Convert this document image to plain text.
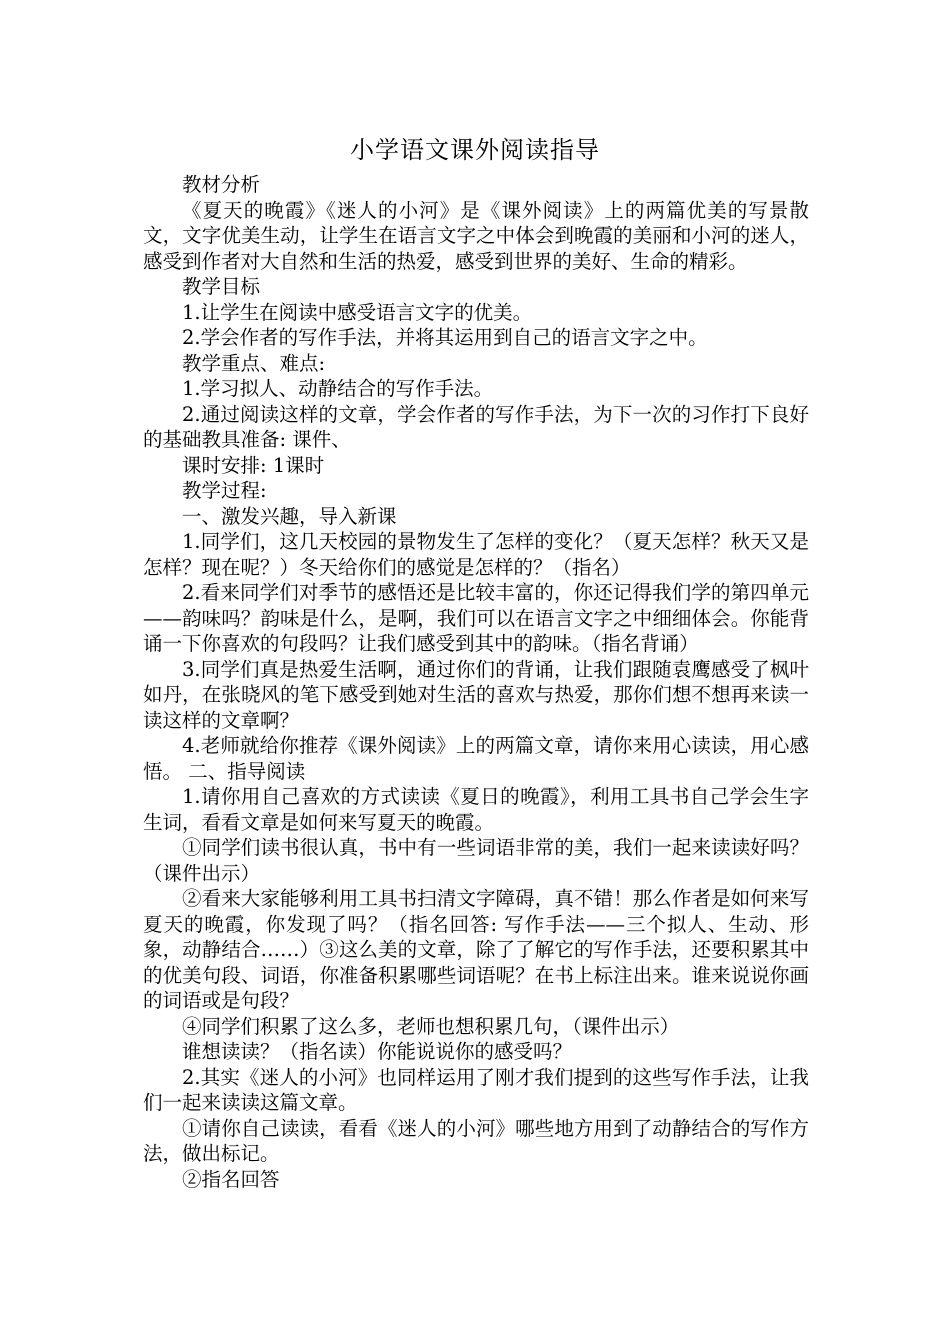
小学语文课外阅读指导

教材分析

《夏天的晚霞》《迷人的小河》是《课外阅读》上的两篇优美的写景散文，文字优美生动，让学生在语言文字之中体会到晚霞的美丽和小河的迷人，感受到作者对大自然和生活的热爱，感受到世界的美好、生命的精彩。

教学目标

1.让学生在阅读中感受语言文字的优美。

2.学会作者的写作手法，并将其运用到自己的语言文字之中。

教学重点、难点:

1.学习拟人、动静结合的写作手法。

2.通过阅读这样的文章，学会作者的写作手法，为下一次的习作打下良好的基础教具准备: 课件、

课时安排: 1课时

教学过程:

一、激发兴趣，导入新课

1.同学们，这几天校园的景物发生了怎样的变化？（夏天怎样？秋天又是怎样？现在呢？）冬天给你们的感觉是怎样的？（指名）

2.看来同学们对季节的感悟还是比较丰富的，你还记得我们学的第四单元——韵味吗？韵味是什么，是啊，我们可以在语言文字之中细细体会。你能背诵一下你喜欢的句段吗？让我们感受到其中的韵味。（指名背诵）

3.同学们真是热爱生活啊，通过你们的背诵，让我们跟随袁鹰感受了枫叶如丹，在张晓风的笔下感受到她对生活的喜欢与热爱，那你们想不想再来读一读这样的文章啊？

4.老师就给你推荐《课外阅读》上的两篇文章，请你来用心读读，用心感悟。 二、指导阅读

1.请你用自己喜欢的方式读读《夏日的晚霞》，利用工具书自己学会生字生词，看看文章是如何来写夏天的晚霞。

①同学们读书很认真，书中有一些词语非常的美，我们一起来读读好吗？（课件出示）

②看来大家能够利用工具书扫清文字障碍，真不错！那么作者是如何来写夏天的晚霞，你发现了吗？（指名回答: 写作手法——三个拟人、生动、形象，动静结合……）③这么美的文章，除了了解它的写作手法，还要积累其中的优美句段、词语，你准备积累哪些词语呢？在书上标注出来。谁来说说你画的词语或是句段？

④同学们积累了这么多，老师也想积累几句，（课件出示）

谁想读读？（指名读）你能说说你的感受吗？

2.其实《迷人的小河》也同样运用了刚才我们提到的这些写作手法，让我们一起来读读这篇文章。

①请你自己读读，看看《迷人的小河》哪些地方用到了动静结合的写作方法，做出标记。

②指名回答
